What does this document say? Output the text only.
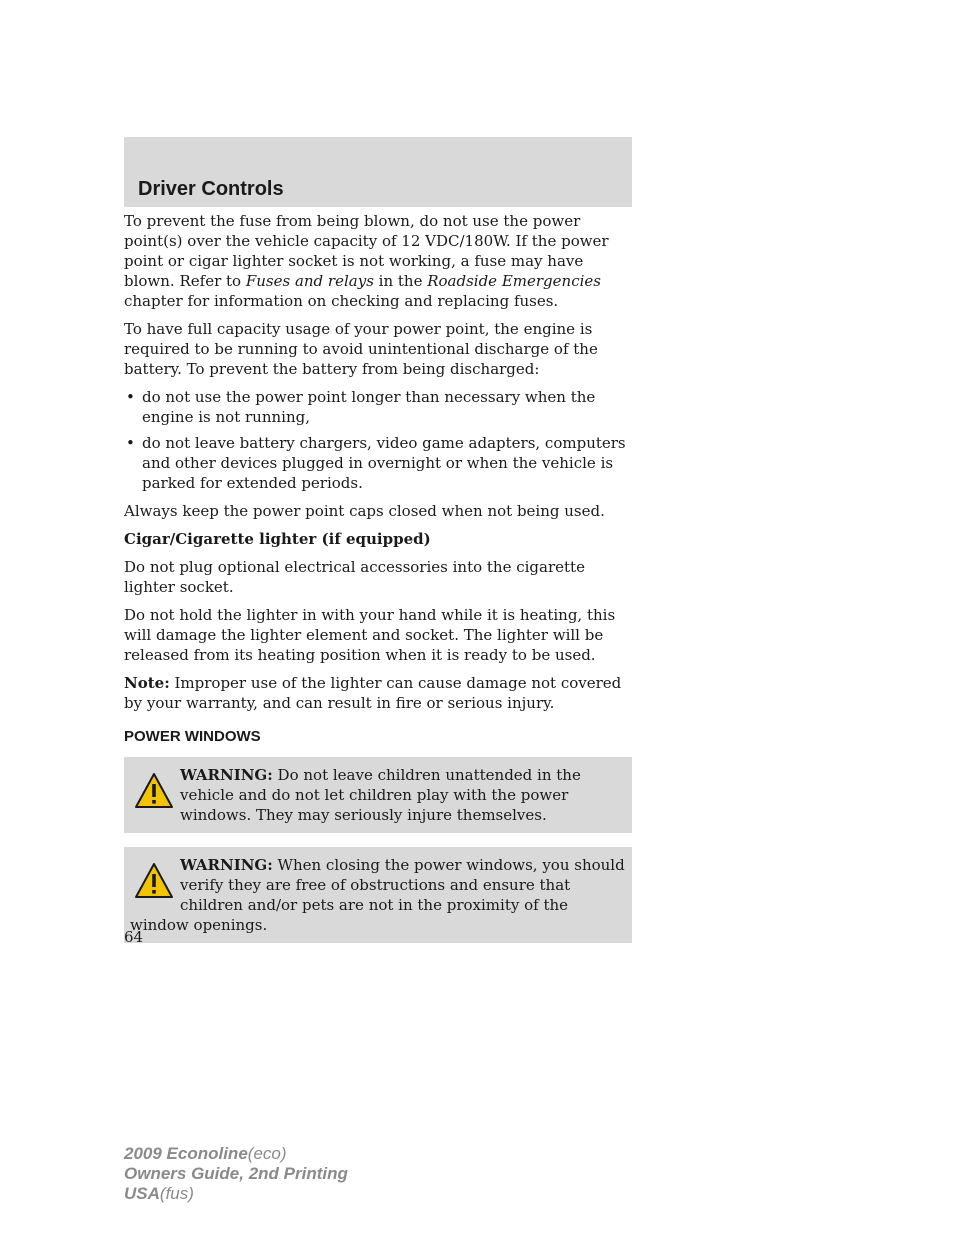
Driver Controls

To prevent the fuse from being blown, do not use the power point(s) over the vehicle capacity of 12 VDC/180W. If the power point or cigar lighter socket is not working, a fuse may have blown. Refer to Fuses and relays in the Roadside Emergencies chapter for information on checking and replacing fuses.

To have full capacity usage of your power point, the engine is required to be running to avoid unintentional discharge of the battery. To prevent the battery from being discharged:

• do not use the power point longer than necessary when the engine is not running,
• do not leave battery chargers, video game adapters, computers and other devices plugged in overnight or when the vehicle is parked for extended periods.

Always keep the power point caps closed when not being used.

Cigar/Cigarette lighter (if equipped)

Do not plug optional electrical accessories into the cigarette lighter socket.

Do not hold the lighter in with your hand while it is heating, this will damage the lighter element and socket. The lighter will be released from its heating position when it is ready to be used.

Note: Improper use of the lighter can cause damage not covered by your warranty, and can result in fire or serious injury.

POWER WINDOWS
WARNING: Do not leave children unattended in the vehicle and do not let children play with the power windows. They may seriously injure themselves.
WARNING: When closing the power windows, you should verify they are free of obstructions and ensure that children and/or pets are not in the proximity of the window openings.
64
2009 Econoline(eco)
Owners Guide, 2nd Printing
USA(fus)
